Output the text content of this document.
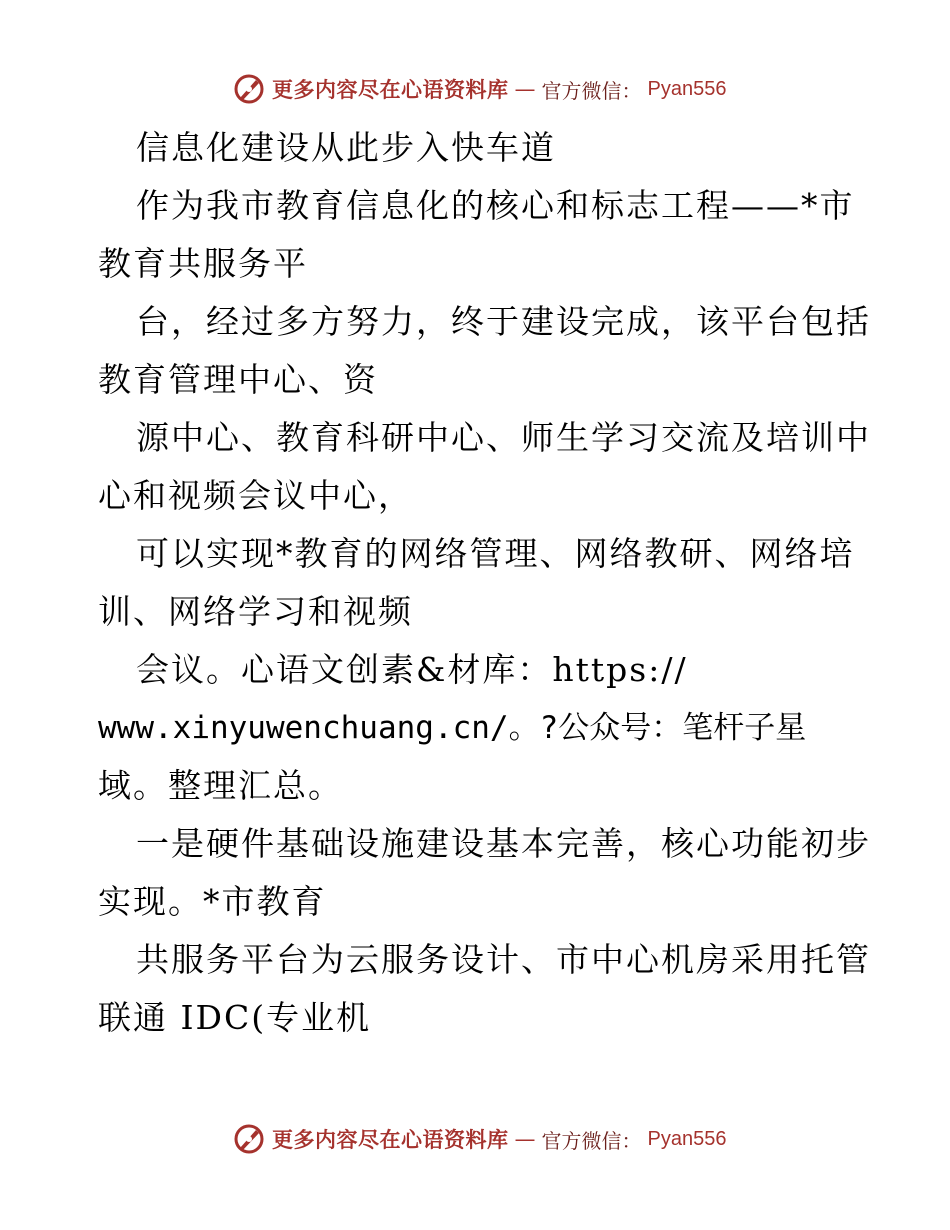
更多内容尽在心语资料库 — 官方微信： Pyan556
信息化建设从此步入快车道
作为我市教育信息化的核心和标志工程——*市
教育共服务平
台，经过多方努力，终于建设完成，该平台包括
教育管理中心、资
源中心、教育科研中心、师生学习交流及培训中
心和视频会议中心，
可以实现*教育的网络管理、网络教研、网络培
训、网络学习和视频
会议。心语文创素&材库：https://
www.xinyuwenchuang.cn/。?公众号：笔杆子星
域。整理汇总。
一是硬件基础设施建设基本完善，核心功能初步
实现。*市教育
共服务平台为云服务设计、市中心机房采用托管
联通 IDC(专业机
更多内容尽在心语资料库 — 官方微信： Pyan556
